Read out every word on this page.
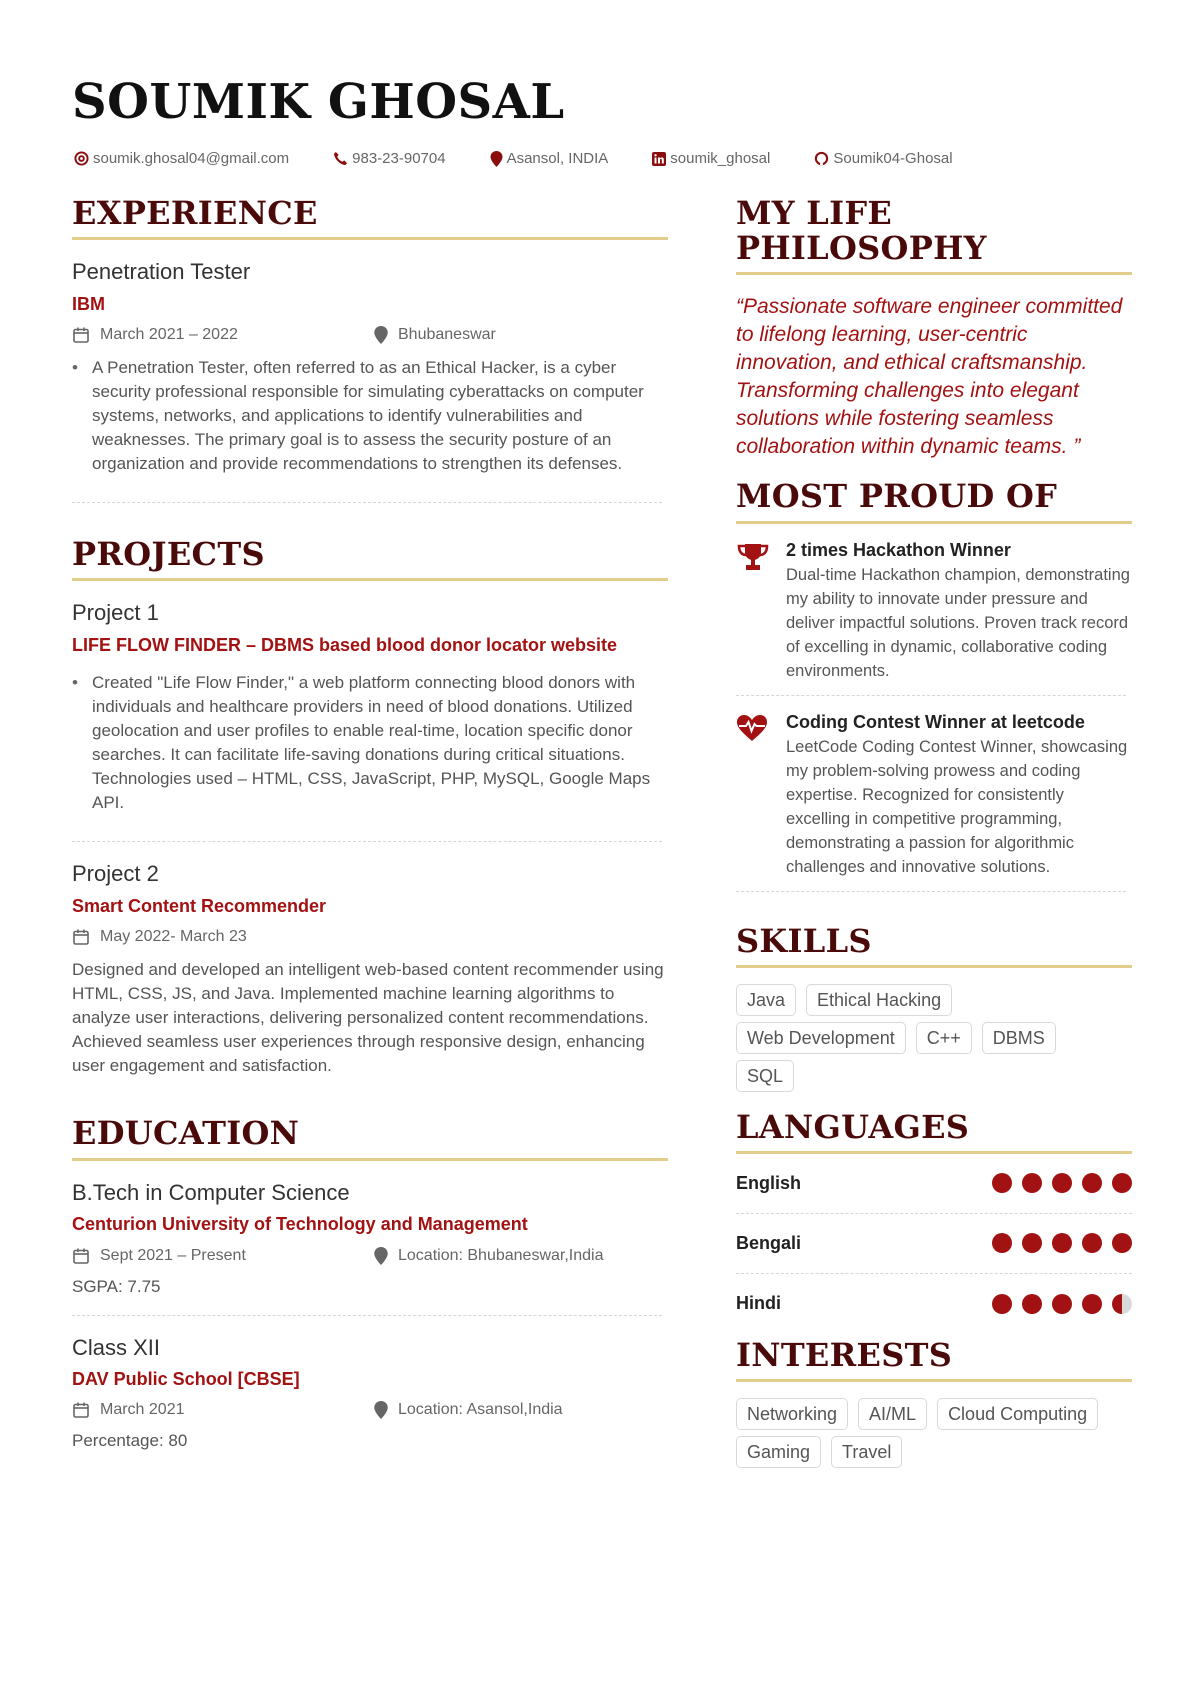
SOUMIK GHOSAL
soumik.ghosal04@gmail.com	983-23-90704	Asansol, INDIA	soumik_ghosal	Soumik04-Ghosal
EXPERIENCE
Penetration Tester
IBM
March 2021 – 2022	Bhubaneswar
• A Penetration Tester, often referred to as an Ethical Hacker, is a cyber security professional responsible for simulating cyberattacks on computer systems, networks, and applications to identify vulnerabilities and weaknesses. The primary goal is to assess the security posture of an organization and provide recommendations to strengthen its defenses.
PROJECTS
Project 1
LIFE FLOW FINDER – DBMS based blood donor locator website
• Created "Life Flow Finder," a web platform connecting blood donors with individuals and healthcare providers in need of blood donations. Utilized geolocation and user profiles to enable real-time, location specific donor searches. It can facilitate life-saving donations during critical situations. Technologies used – HTML, CSS, JavaScript, PHP, MySQL, Google Maps API.
Project 2
Smart Content Recommender
May 2022- March 23
Designed and developed an intelligent web-based content recommender using HTML, CSS, JS, and Java. Implemented machine learning algorithms to analyze user interactions, delivering personalized content recommendations. Achieved seamless user experiences through responsive design, enhancing user engagement and satisfaction.
EDUCATION
B.Tech in Computer Science
Centurion University of Technology and Management
Sept 2021 – Present	Location: Bhubaneswar,India
SGPA: 7.75
Class XII
DAV Public School [CBSE]
March 2021	Location: Asansol,India
Percentage: 80
MY LIFE PHILOSOPHY
“Passionate software engineer committed to lifelong learning, user-centric innovation, and ethical craftsmanship. Transforming challenges into elegant solutions while fostering seamless collaboration within dynamic teams. ”
MOST PROUD OF
2 times Hackathon Winner
Dual-time Hackathon champion, demonstrating my ability to innovate under pressure and deliver impactful solutions. Proven track record of excelling in dynamic, collaborative coding environments.
Coding Contest Winner at leetcode
LeetCode Coding Contest Winner, showcasing my problem-solving prowess and coding expertise. Recognized for consistently excelling in competitive programming, demonstrating a passion for algorithmic challenges and innovative solutions.
SKILLS
Java	Ethical Hacking
Web Development	C++	DBMS
SQL
LANGUAGES
English
Bengali
Hindi
INTERESTS
Networking	AI/ML	Cloud Computing
Gaming	Travel
